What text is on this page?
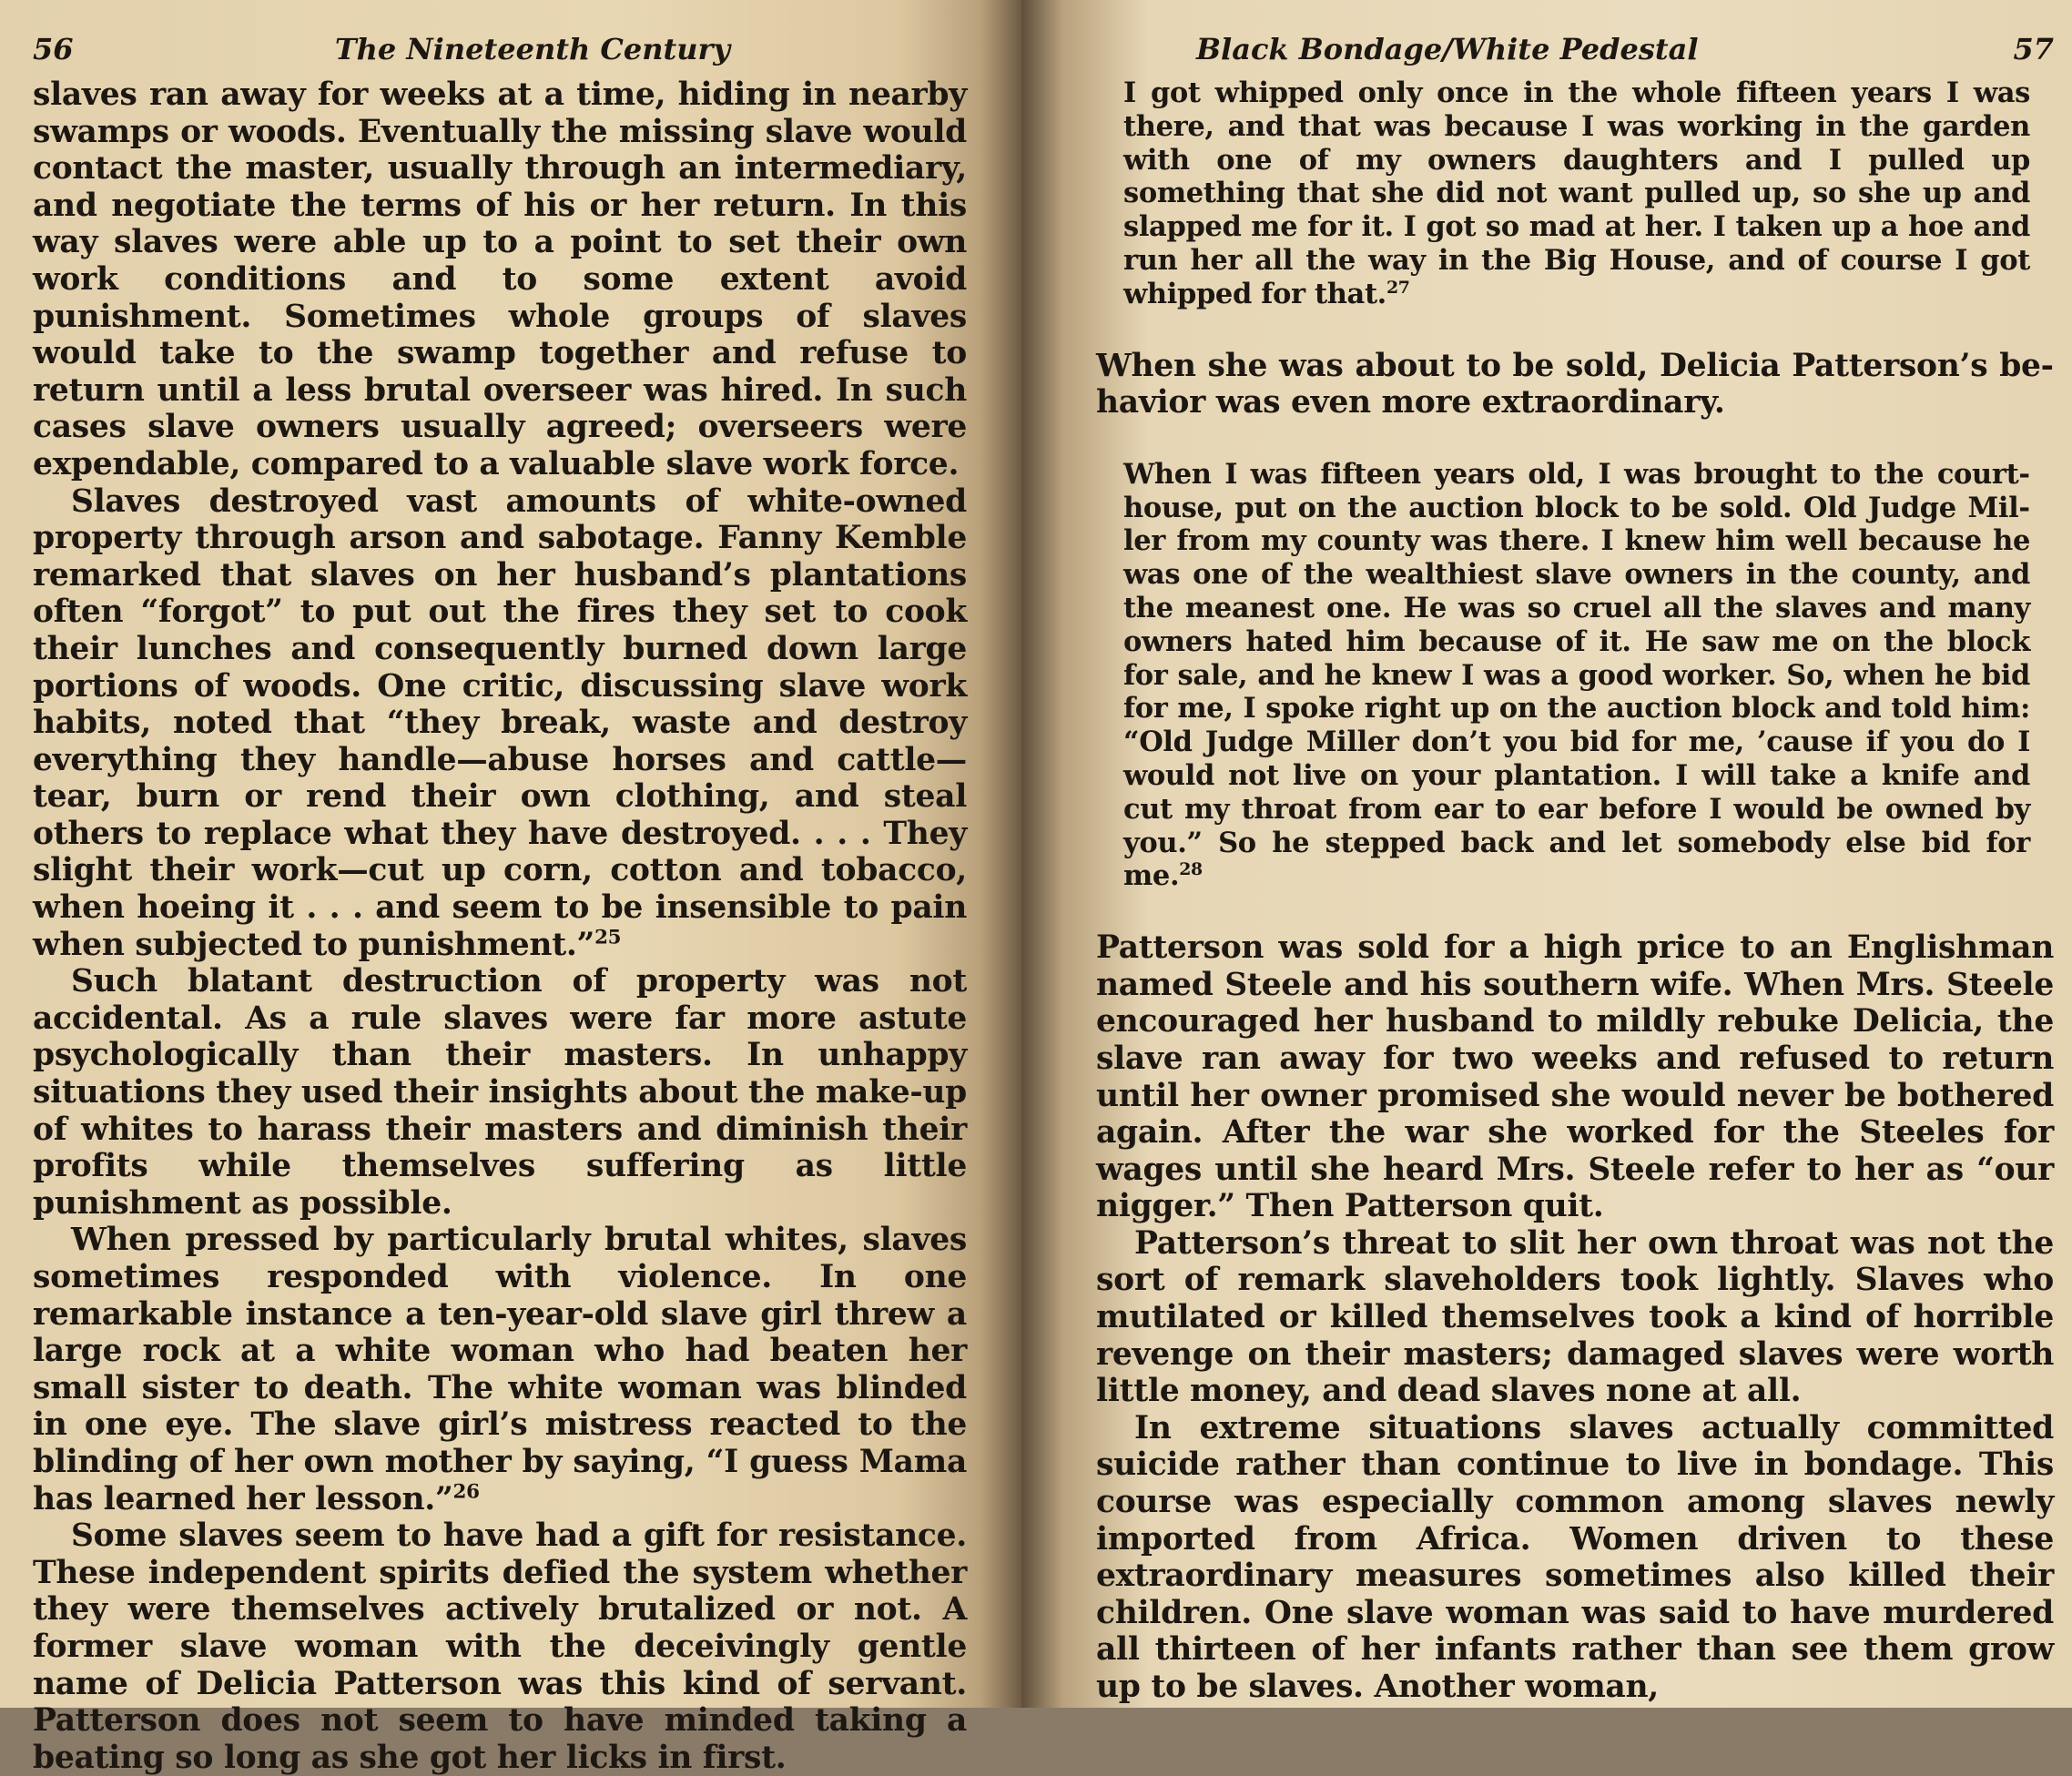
56	The Nineteenth Century

slaves ran away for weeks at a time, hiding in nearby swamps or woods. Eventually the missing slave would contact the master, usually through an intermediary, and negotiate the terms of his or her return. In this way slaves were able up to a point to set their own work conditions and to some extent avoid punishment. Sometimes whole groups of slaves would take to the swamp together and refuse to return until a less brutal overseer was hired. In such cases slave owners usually agreed; overseers were expendable, compared to a valuable slave work force.

Slaves destroyed vast amounts of white-owned property through arson and sabotage. Fanny Kemble remarked that slaves on her husband’s plantations often “forgot” to put out the fires they set to cook their lunches and consequently burned down large portions of woods. One critic, discussing slave work habits, noted that “they break, waste and destroy everything they handle—abuse horses and cattle—tear, burn or rend their own clothing, and steal others to replace what they have destroyed. . . . They slight their work—cut up corn, cotton and tobacco, when hoeing it . . . and seem to be insensible to pain when subjected to punishment.”$^{25}$

Such blatant destruction of property was not accidental. As a rule slaves were far more astute psychologically than their masters. In unhappy situations they used their insights about the make-up of whites to harass their masters and diminish their profits while themselves suffering as little punishment as possible.

When pressed by particularly brutal whites, slaves sometimes responded with violence. In one remarkable instance a ten-year-old slave girl threw a large rock at a white woman who had beaten her small sister to death. The white woman was blinded in one eye. The slave girl’s mistress reacted to the blinding of her own mother by saying, “I guess Mama has learned her lesson.”$^{26}$

Some slaves seem to have had a gift for resistance. These independent spirits defied the system whether they were themselves actively brutalized or not. A former slave woman with the deceivingly gentle name of Delicia Patterson was this kind of servant. Patterson does not seem to have minded taking a beating so long as she got her licks in first.

Black Bondage/White Pedestal	57

I got whipped only once in the whole fifteen years I was there, and that was because I was working in the garden with one of my owners daughters and I pulled up something that she did not want pulled up, so she up and slapped me for it. I got so mad at her. I taken up a hoe and run her all the way in the Big House, and of course I got whipped for that.$^{27}$

When she was about to be sold, Delicia Patterson’s behavior was even more extraordinary.

When I was fifteen years old, I was brought to the courthouse, put on the auction block to be sold. Old Judge Miller from my county was there. I knew him well because he was one of the wealthiest slave owners in the county, and the meanest one. He was so cruel all the slaves and many owners hated him because of it. He saw me on the block for sale, and he knew I was a good worker. So, when he bid for me, I spoke right up on the auction block and told him: “Old Judge Miller don’t you bid for me, ’cause if you do I would not live on your plantation. I will take a knife and cut my throat from ear to ear before I would be owned by you.” So he stepped back and let somebody else bid for me.$^{28}$

Patterson was sold for a high price to an Englishman named Steele and his southern wife. When Mrs. Steele encouraged her husband to mildly rebuke Delicia, the slave ran away for two weeks and refused to return until her owner promised she would never be bothered again. After the war she worked for the Steeles for wages until she heard Mrs. Steele refer to her as “our nigger.” Then Patterson quit.

Patterson’s threat to slit her own throat was not the sort of remark slaveholders took lightly. Slaves who mutilated or killed themselves took a kind of horrible revenge on their masters; damaged slaves were worth little money, and dead slaves none at all.

In extreme situations slaves actually committed suicide rather than continue to live in bondage. This course was especially common among slaves newly imported from Africa. Women driven to these extraordinary measures sometimes also killed their children. One slave woman was said to have murdered all thirteen of her infants rather than see them grow up to be slaves. Another woman,
